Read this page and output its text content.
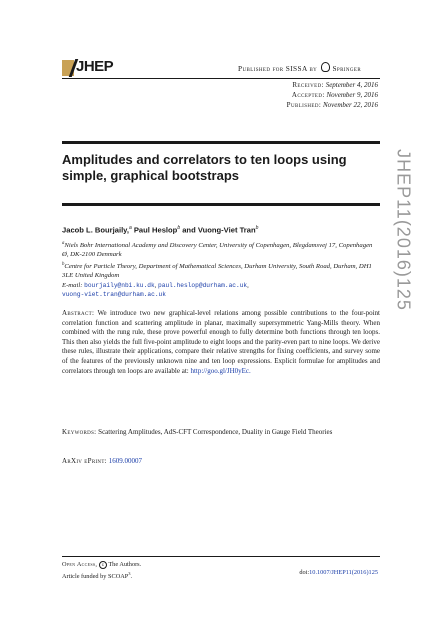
JHEP	Published for SISSA by Springer
Received: September 4, 2016
Accepted: November 9, 2016
Published: November 22, 2016
Amplitudes and correlators to ten loops using simple, graphical bootstraps	JHEP11(2016)125
Jacob L. Bourjaily,$^a$ Paul Heslop$^b$ and Vuong-Viet Tran$^b$
$^a$Niels Bohr International Academy and Discovery Center, University of Copenhagen, Blegdamsvej 17, Copenhagen Ø, DK-2100 Denmark
$^b$Centre for Particle Theory, Department of Mathematical Sciences, Durham University, South Road, Durham, DH1 3LE United Kingdom
E-mail: bourjaily@nbi.ku.dk, paul.heslop@durham.ac.uk,
vuong-viet.tran@durham.ac.uk
Abstract: We introduce two new graphical-level relations among possible contributions to the four-point correlation function and scattering amplitude in planar, maximally supersymmetric Yang-Mills theory. When combined with the rung rule, these prove powerful enough to fully determine both functions through ten loops. This then also yields the full five-point amplitude to eight loops and the parity-even part to nine loops. We derive these rules, illustrate their applications, compare their relative strengths for fixing coefficients, and survey some of the features of the previously unknown nine and ten loop expressions. Explicit formulae for amplitudes and correlators through ten loops are available at: http://goo.gl/JH0yEc.
Keywords: Scattering Amplitudes, AdS-CFT Correspondence, Duality in Gauge Field Theories
ArXiv ePrint: 1609.00007
Open Access, c The Authors.
Article funded by SCOAP$^3$.
doi:10.1007/JHEP11(2016)125
